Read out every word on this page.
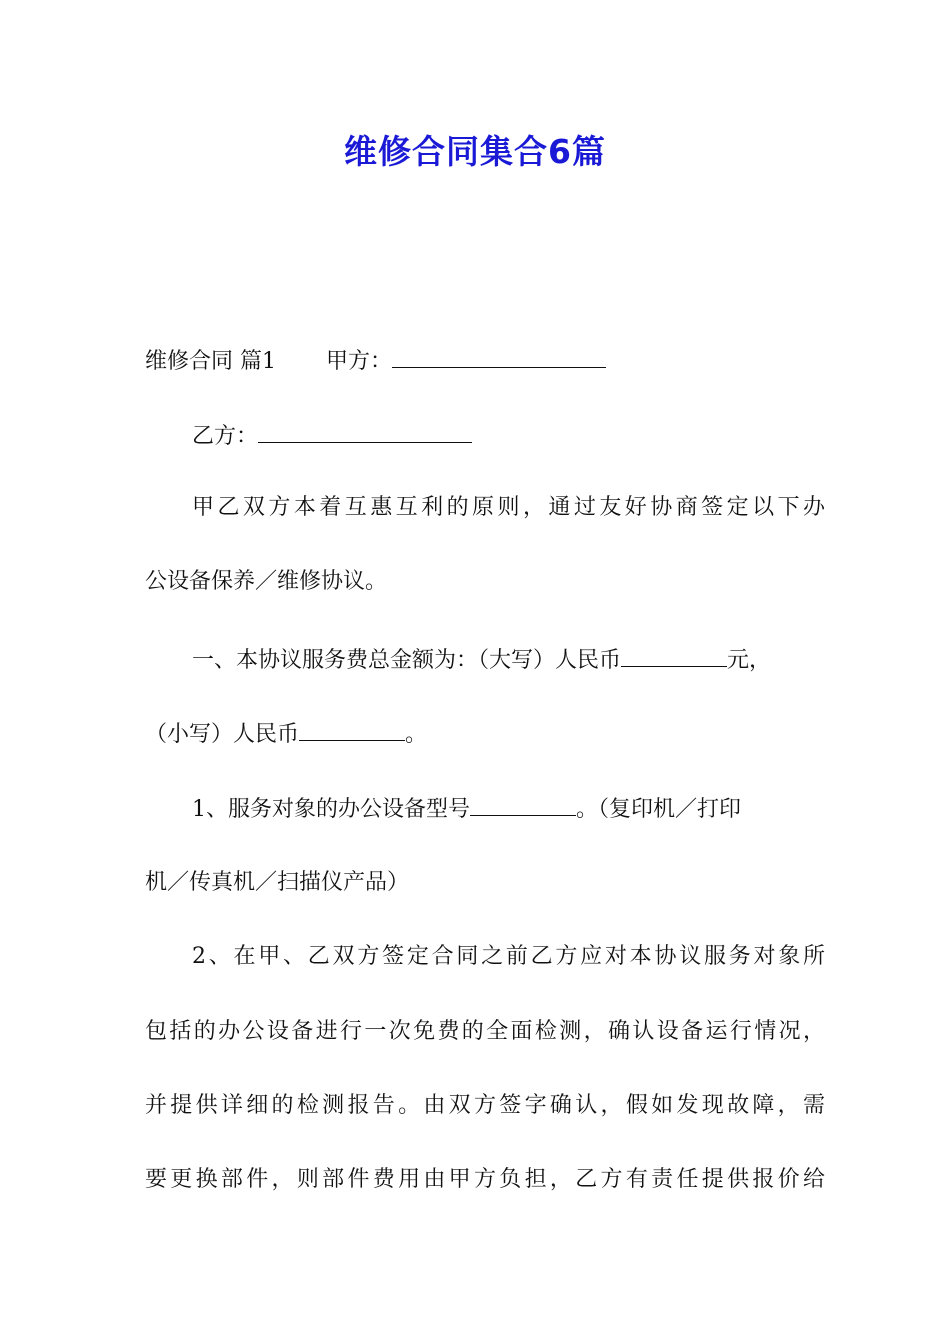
维修合同集合6篇
维修合同 篇1 甲方：
乙方：
甲乙双方本着互惠互利的原则，通过友好协商签定以下办
公设备保养／维修协议。
一、本协议服务费总金额为：（大写）人民币	元，
（小写）人民币	。
1、服务对象的办公设备型号	。（复印机／打印
机／传真机／扫描仪产品）
2、在甲、乙双方签定合同之前乙方应对本协议服务对象所
包括的办公设备进行一次免费的全面检测，确认设备运行情况，
并提供详细的检测报告。由双方签字确认，假如发现故障，需
要更换部件，则部件费用由甲方负担，乙方有责任提供报价给
